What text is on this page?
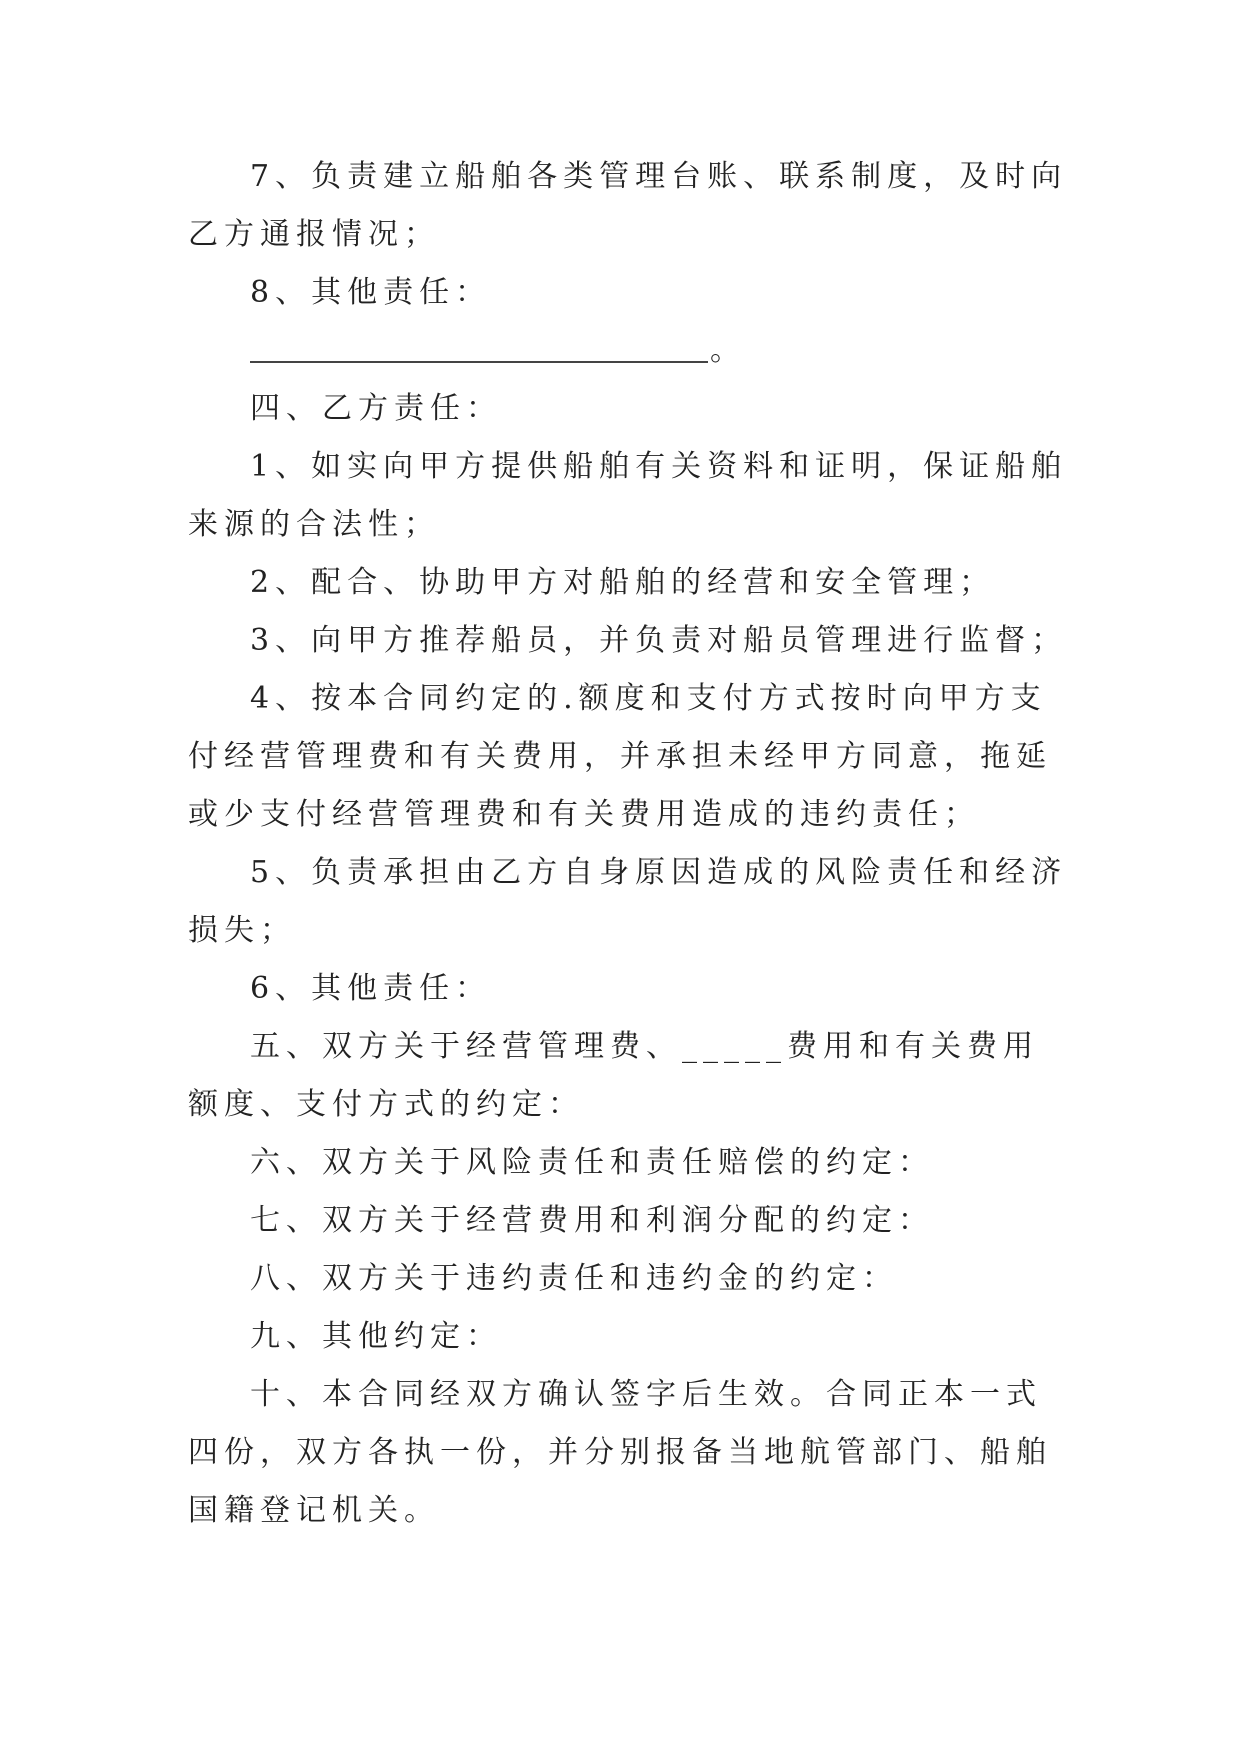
7、负责建立船舶各类管理台账、联系制度，及时向乙方通报情况；

8、其他责任：

。

四、乙方责任：

1、如实向甲方提供船舶有关资料和证明，保证船舶来源的合法性；

2、配合、协助甲方对船舶的经营和安全管理；

3、向甲方推荐船员，并负责对船员管理进行监督；

4、按本合同约定的.额度和支付方式按时向甲方支付经营管理费和有关费用，并承担未经甲方同意，拖延或少支付经营管理费和有关费用造成的违约责任；

5、负责承担由乙方自身原因造成的风险责任和经济损失；

6、其他责任：

五、双方关于经营管理费、_____费用和有关费用额度、支付方式的约定：

六、双方关于风险责任和责任赔偿的约定：

七、双方关于经营费用和利润分配的约定：

八、双方关于违约责任和违约金的约定：

九、其他约定：

十、本合同经双方确认签字后生效。合同正本一式四份，双方各执一份，并分别报备当地航管部门、船舶国籍登记机关。
